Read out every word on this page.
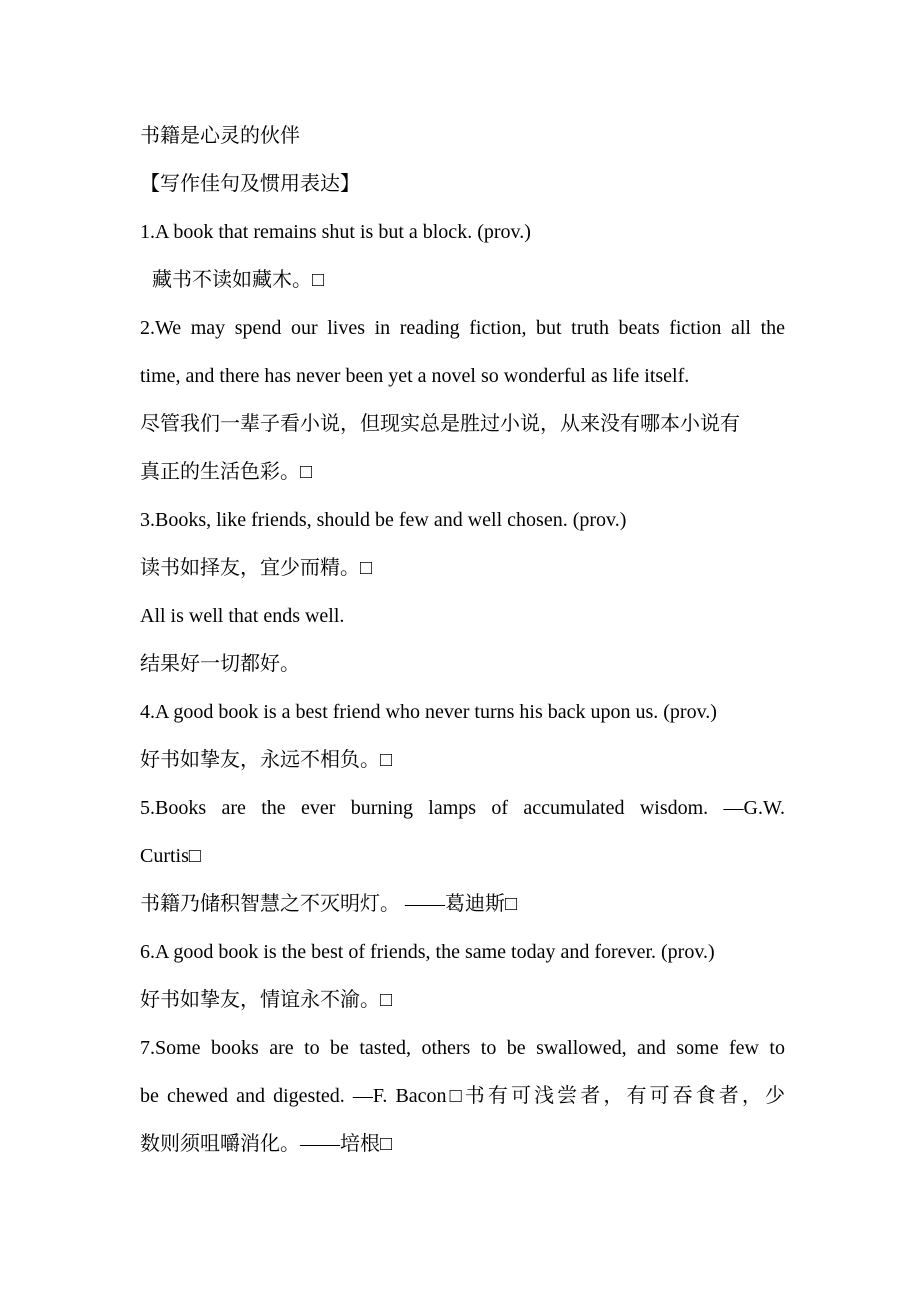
书籍是心灵的伙伴
【写作佳句及惯用表达】
1.A book that remains shut is but a block. (prov.)
藏书不读如藏木。□
2.We may spend our lives in reading fiction, but truth beats fiction all the
time, and there has never been yet a novel so wonderful as life itself.
尽管我们一辈子看小说，但现实总是胜过小说，从来没有哪本小说有
真正的生活色彩。□
3.Books, like friends, should be few and well chosen. (prov.)
读书如择友，宜少而精。□
All is well that ends well.
结果好一切都好。
4.A good book is a best friend who never turns his back upon us. (prov.)
好书如挚友，永远不相负。□
5.Books are the ever burning lamps of accumulated wisdom. —G.W.
Curtis□
书籍乃储积智慧之不灭明灯。 ——葛迪斯□
6.A good book is the best of friends, the same today and forever. (prov.)
好书如挚友，情谊永不渝。□
7.Some books are to be tasted, others to be swallowed, and some few to
be chewed and digested. —F. Bacon□书有可浅尝者，有可吞食者，少
数则须咀嚼消化。——培根□
